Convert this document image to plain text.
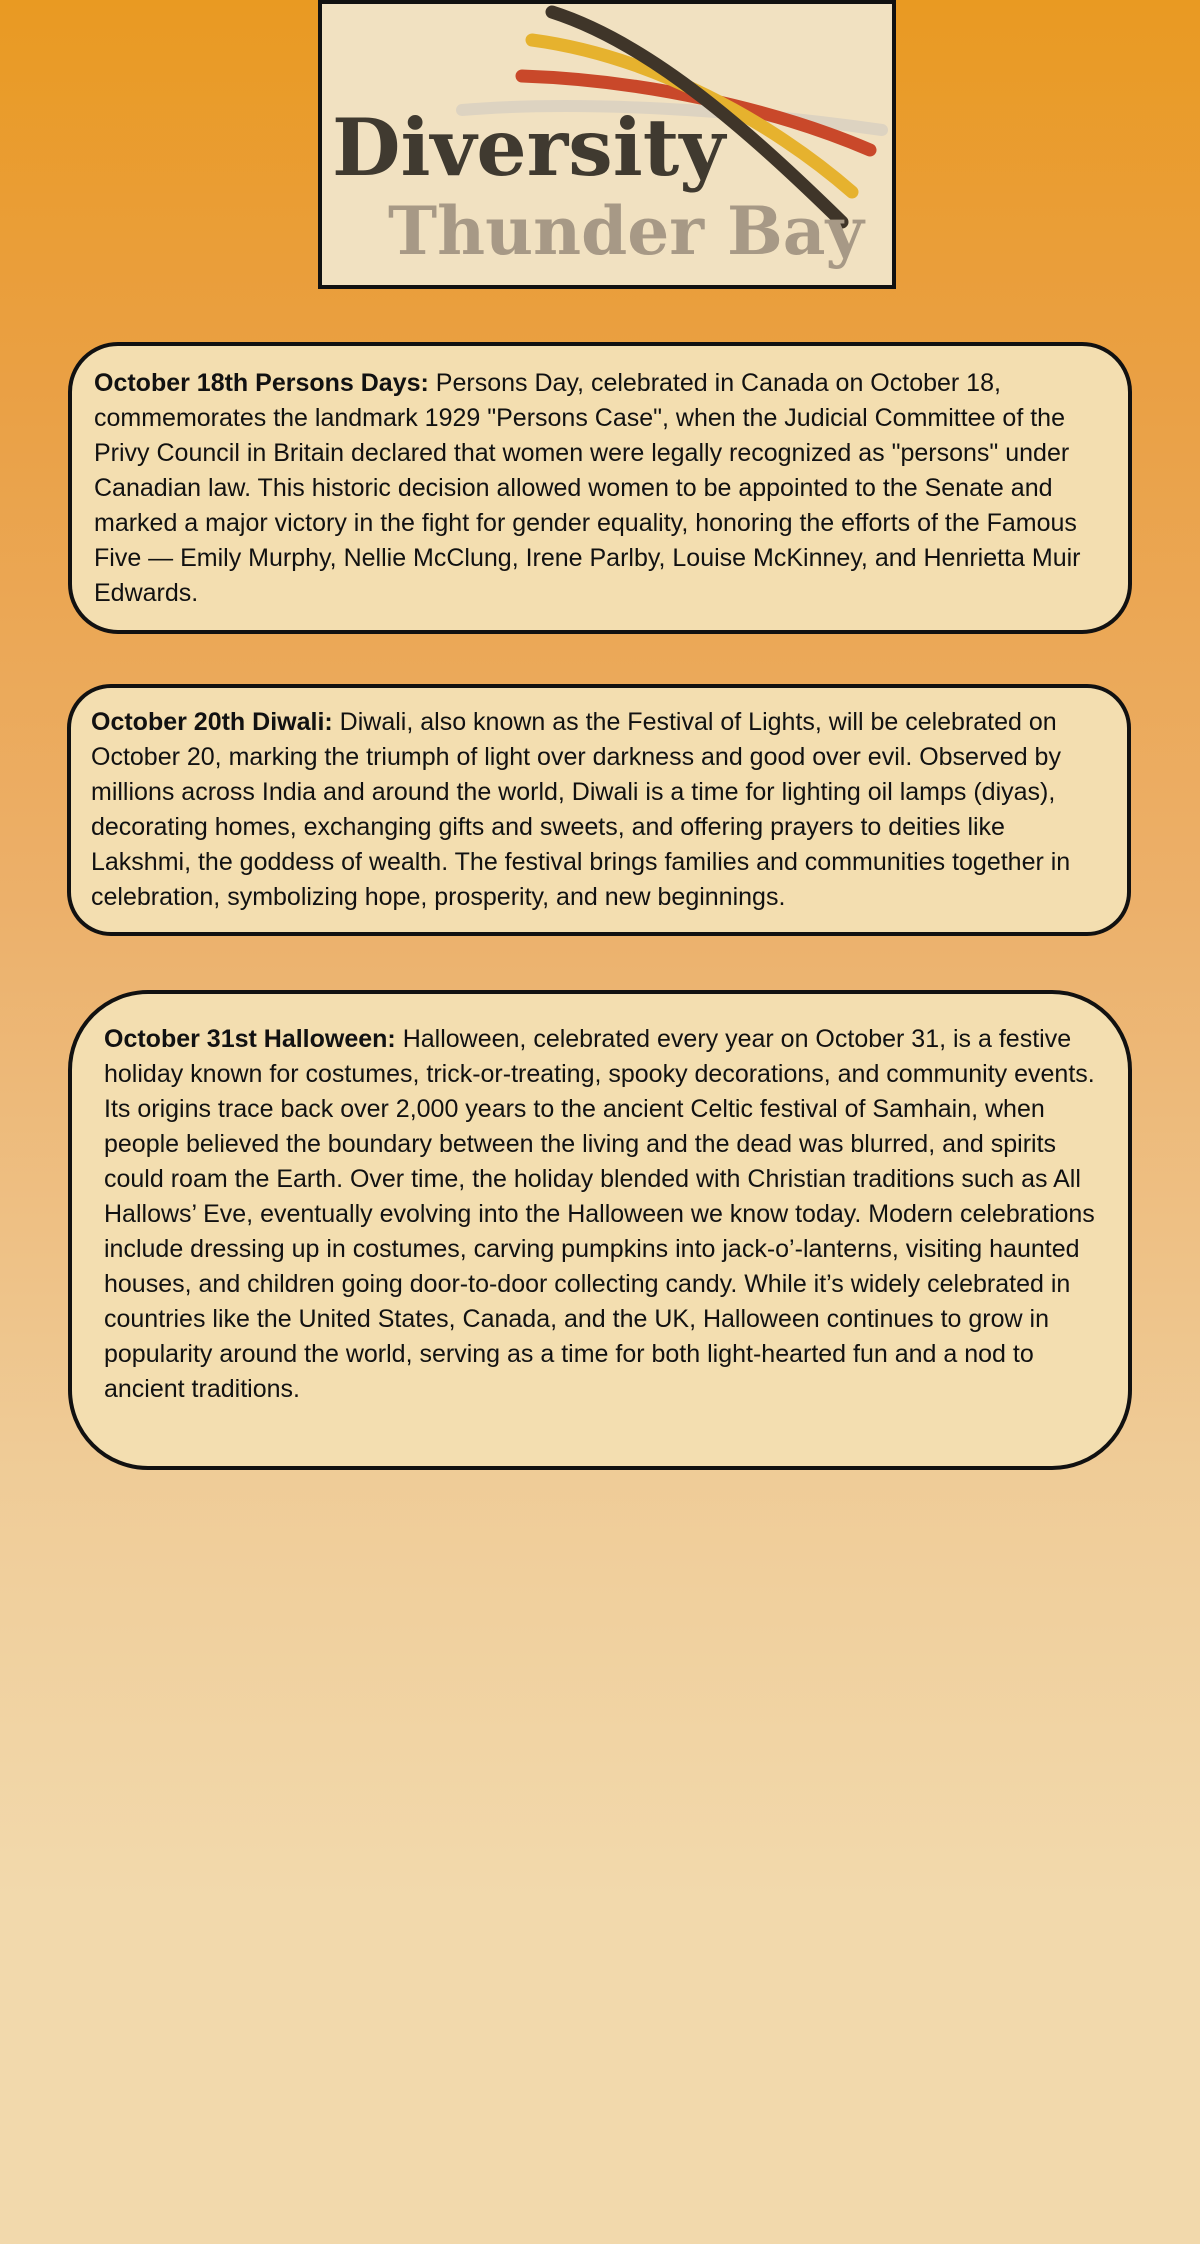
Diversity
Thunder Bay

October 18th Persons Days: Persons Day, celebrated in Canada on October 18, commemorates the landmark 1929 "Persons Case", when the Judicial Committee of the Privy Council in Britain declared that women were legally recognized as "persons" under Canadian law. This historic decision allowed women to be appointed to the Senate and marked a major victory in the fight for gender equality, honoring the efforts of the Famous Five — Emily Murphy, Nellie McClung, Irene Parlby, Louise McKinney, and Henrietta Muir Edwards.

October 20th Diwali: Diwali, also known as the Festival of Lights, will be celebrated on October 20, marking the triumph of light over darkness and good over evil. Observed by millions across India and around the world, Diwali is a time for lighting oil lamps (diyas), decorating homes, exchanging gifts and sweets, and offering prayers to deities like Lakshmi, the goddess of wealth. The festival brings families and communities together in celebration, symbolizing hope, prosperity, and new beginnings.

October 31st Halloween: Halloween, celebrated every year on October 31, is a festive holiday known for costumes, trick-or-treating, spooky decorations, and community events. Its origins trace back over 2,000 years to the ancient Celtic festival of Samhain, when people believed the boundary between the living and the dead was blurred, and spirits could roam the Earth. Over time, the holiday blended with Christian traditions such as All Hallows’ Eve, eventually evolving into the Halloween we know today. Modern celebrations include dressing up in costumes, carving pumpkins into jack-o’-lanterns, visiting haunted houses, and children going door-to-door collecting candy. While it’s widely celebrated in countries like the United States, Canada, and the UK, Halloween continues to grow in popularity around the world, serving as a time for both light-hearted fun and a nod to ancient traditions.
